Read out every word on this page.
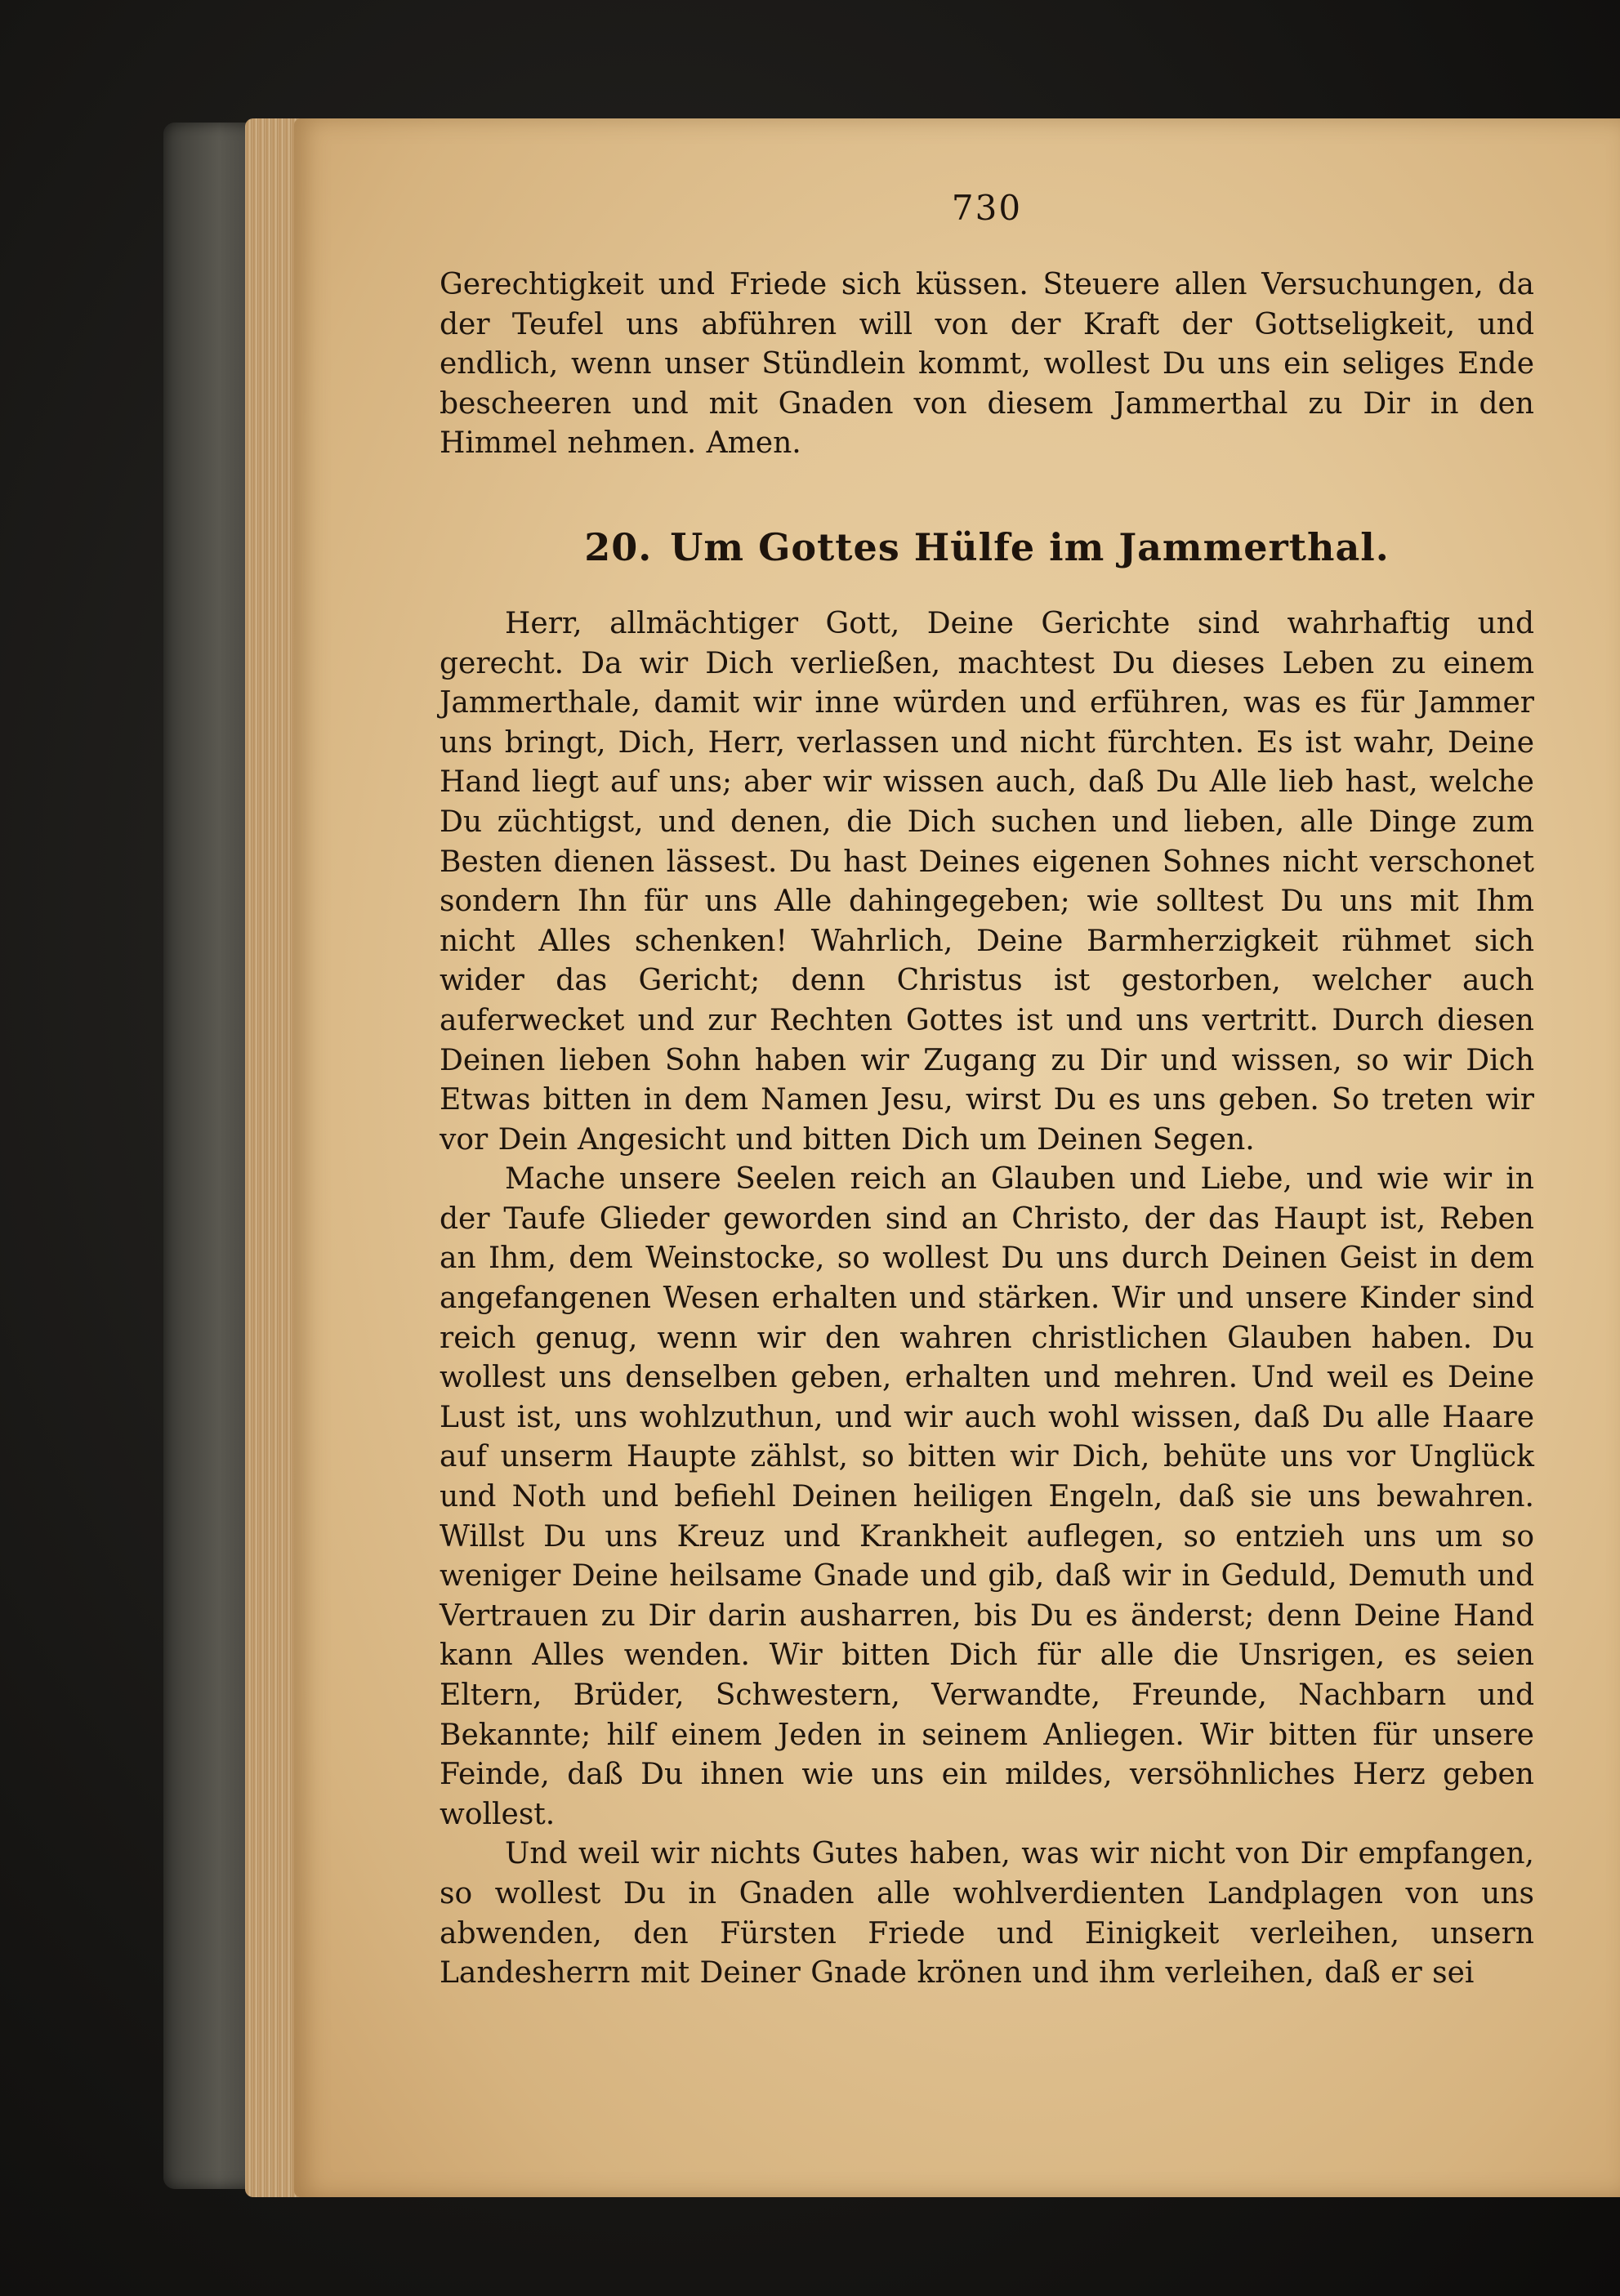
730

Gerechtigkeit und Friede sich küssen. Steuere allen Versuchungen, da der Teufel uns abführen will von der Kraft der Gottseligkeit, und endlich, wenn unser Stündlein kommt, wollest Du uns ein seliges Ende bescheeren und mit Gnaden von diesem Jammerthal zu Dir in den Himmel nehmen. Amen.

20. Um Gottes Hülfe im Jammerthal.

Herr, allmächtiger Gott, Deine Gerichte sind wahrhaftig und gerecht. Da wir Dich verließen, machtest Du dieses Leben zu einem Jammerthale, damit wir inne würden und erführen, was es für Jammer uns bringt, Dich, Herr, verlassen und nicht fürchten. Es ist wahr, Deine Hand liegt auf uns; aber wir wissen auch, daß Du Alle lieb hast, welche Du züchtigst, und denen, die Dich suchen und lieben, alle Dinge zum Besten dienen lässest. Du hast Deines eigenen Sohnes nicht verschonet sondern Ihn für uns Alle dahingegeben; wie solltest Du uns mit Ihm nicht Alles schenken! Wahrlich, Deine Barmherzigkeit rühmet sich wider das Gericht; denn Christus ist gestorben, welcher auch auferwecket und zur Rechten Gottes ist und uns vertritt. Durch diesen Deinen lieben Sohn haben wir Zugang zu Dir und wissen, so wir Dich Etwas bitten in dem Namen Jesu, wirst Du es uns geben. So treten wir vor Dein Angesicht und bitten Dich um Deinen Segen.

Mache unsere Seelen reich an Glauben und Liebe, und wie wir in der Taufe Glieder geworden sind an Christo, der das Haupt ist, Reben an Ihm, dem Weinstocke, so wollest Du uns durch Deinen Geist in dem angefangenen Wesen erhalten und stärken. Wir und unsere Kinder sind reich genug, wenn wir den wahren christlichen Glauben haben. Du wollest uns denselben geben, erhalten und mehren. Und weil es Deine Lust ist, uns wohlzuthun, und wir auch wohl wissen, daß Du alle Haare auf unserm Haupte zählst, so bitten wir Dich, behüte uns vor Unglück und Noth und befiehl Deinen heiligen Engeln, daß sie uns bewahren. Willst Du uns Kreuz und Krankheit auflegen, so entzieh uns um so weniger Deine heilsame Gnade und gib, daß wir in Geduld, Demuth und Vertrauen zu Dir darin ausharren, bis Du es änderst; denn Deine Hand kann Alles wenden. Wir bitten Dich für alle die Unsrigen, es seien Eltern, Brüder, Schwestern, Verwandte, Freunde, Nachbarn und Bekannte; hilf einem Jeden in seinem Anliegen. Wir bitten für unsere Feinde, daß Du ihnen wie uns ein mildes, versöhnliches Herz geben wollest.

Und weil wir nichts Gutes haben, was wir nicht von Dir empfangen, so wollest Du in Gnaden alle wohlverdienten Landplagen von uns abwenden, den Fürsten Friede und Einigkeit verleihen, unsern Landesherrn mit Deiner Gnade krönen und ihm verleihen, daß er sei
